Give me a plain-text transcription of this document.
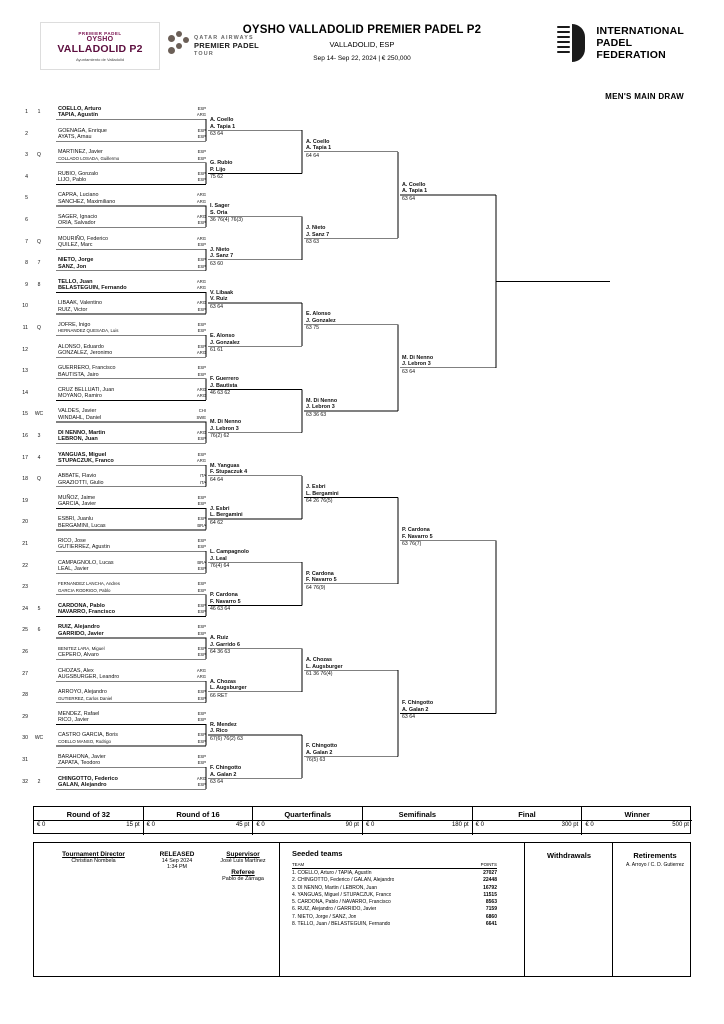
PREMIER PADEL
OYSHO
VALLADOLID P2
Ayuntamiento de Valladolid
QATAR AIRWAYS
PREMIER PADEL
TOUR
OYSHO VALLADOLID PREMIER PADEL P2
VALLADOLID, ESP
Sep 14- Sep 22, 2024 | € 250,000
INTERNATIONAL
PADEL
FEDERATION
MEN'S MAIN DRAW
1	1	COELLO, Arturo
TAPIA, Agustín
ESP
ARG
2	GOENAGA, Enrique
AYATS, Arnau
ESP
ESP
3	Q	MARTINEZ, Javier
COLLADO LOSADA, Guillermo
ESP
ESP
4	RUBIO, Gonzalo
LIJO, Pablo
ESP
ESP
5	CAPRA, Luciano
SANCHEZ, Maximiliano
ARG
ARG
6	SAGER, Ignacio
ORIA, Salvador
ARG
ESP
7	Q	MOURIÑO, Federico
QUILEZ, Marc
ARG
ESP
8	7	NIETO, Jorge
SANZ, Jon
ESP
ESP
9	8	TELLO, Juan
BELASTEGUIN, Fernando
ARG
ARG
10	LIBAAK, Valentino
RUIZ, Victor
ARG
ESP
11	Q	JOFRE, Inigo
HERNANDEZ QUESADA, Luis
ESP
ESP
12	ALONSO, Eduardo
GONZALEZ, Jeronimo
ESP
ARG
13	GUERRERO, Francisco
BAUTISTA, Jairo
ESP
ESP
14	CRUZ BELLUATI, Juan
MOYANO, Ramiro
ARG
ARG
15	WC	VALDES, Javier
WINDAHL, Daniel
CHI
SWE
16	3	DI NENNO, Martin
LEBRON, Juan
ARG
ESP
17	4	YANGUAS, Miguel
STUPACZUK, Franco
ESP
ARG
18	Q	ABBATE, Flavio
GRAZIOTTI, Giulio
ITA
ITA
19	MUÑOZ, Jaime
GARCIA, Javier
ESP
ESP
20	ESBRI, Juanlu
BERGAMINI, Lucas
ESP
BRA
21	RICO, Jose
GUTIERREZ, Agustin
ESP
ESP
22	CAMPAGNOLO, Lucas
LEAL, Javier
BRA
ESP
23
FERNANDEZ LANCHA, Andres
GARCIA RODRIGO, Pablo
ESP
ESP
24	5	CARDONA, Pablo
NAVARRO, Francisco
ESP
ESP
25	6	RUIZ, Alejandro
GARRIDO, Javier
ESP
ESP
26
BENITEZ LARA, Miguel
CEPERO, Alvaro
ESP
ESP
27	CHOZAS, Alex
AUGSBURGER, Leandro
ARG
ARG
28	ARROYO, Alejandro
GUTIERREZ, Carlos Daniel
ESP
ESP
29	MENDEZ, Rafael
RICO, Javier
ESP
ESP
30	WC	CASTRO GARCIA, Boris
COELLO MANSO, Rodrigo
ESP
ESP
31	BARAHONA, Javier
ZAPATA, Teodoro
ESP
ESP
32	2	CHINGOTTO, Federico
GALAN, Alejandro
ARG
ESP
A. Coello
A. Tapia 1
63 64
G. Rubio
P. Lijo
75 62
I. Sager
S. Oria
36 76(4) 76(3)
J. Nieto
J. Sanz 7
63 60
V. Libaak
V. Ruiz
63 64
E. Alonso
J. Gonzalez
61 61
F. Guerrero
J. Bautista
46 63 62
M. Di Nenno
J. Lebron 3
76(2) 62
M. Yanguas
F. Stupaczuk 4
64 64
J. Esbri
L. Bergamini
64 62
L. Campagnolo
J. Leal
76(4) 64
P. Cardona
F. Navarro 5
46 63 64
A. Ruiz
J. Garrido 6
64 36 63
A. Chozas
L. Augsburger
66 RET
R. Mendez
J. Rico
67(6) 76(2) 63
F. Chingotto
A. Galan 2
63 64
A. Coello
A. Tapia 1
64 64
J. Nieto
J. Sanz 7
63 63
E. Alonso
J. Gonzalez
63 75
M. Di Nenno
J. Lebron 3
63 36 63
J. Esbri
L. Bergamini
64 26 76(5)
P. Cardona
F. Navarro 5
64 76(9)
A. Chozas
L. Augsburger
61 36 76(4)
F. Chingotto
A. Galan 2
76(5) 63
A. Coello
A. Tapia 1
63 64
M. Di Nenno
J. Lebron 3
63 64
P. Cardona
F. Navarro 5
63 76(7)
F. Chingotto
A. Galan 2
63 64
Round of 32
€ 0	15 pt
Round of 16
€ 0	45 pt
Quarterfinals
€ 0	90 pt
Semifinals
€ 0	180 pt
Final
€ 0	300 pt
Winner
€ 0	500 pt
Tournament Director
Christian Nombela
RELEASED
14 Sep 2024
1:34 PM
Supervisor
José Luis Martínez
Referee
Pablo de Zárraga
Seeded teams
TEAM	POINTS
1. COELLO, Arturo / TAPIA, Agustín	27027
2. CHINGOTTO, Federico / GALAN, Alejandro	22448
3. DI NENNO, Martin / LEBRON, Juan	16792
4. YANGUAS, Miguel / STUPACZUK, Franco	11515
5. CARDONA, Pablo / NAVARRO, Francisco	8563
6. RUIZ, Alejandro / GARRIDO, Javier	7159
7. NIETO, Jorge / SANZ, Jon	6860
8. TELLO, Juan / BELASTEGUIN, Fernando	6641
Withdrawals	Retirements
A. Arroyo / C. D. Gutierrez
